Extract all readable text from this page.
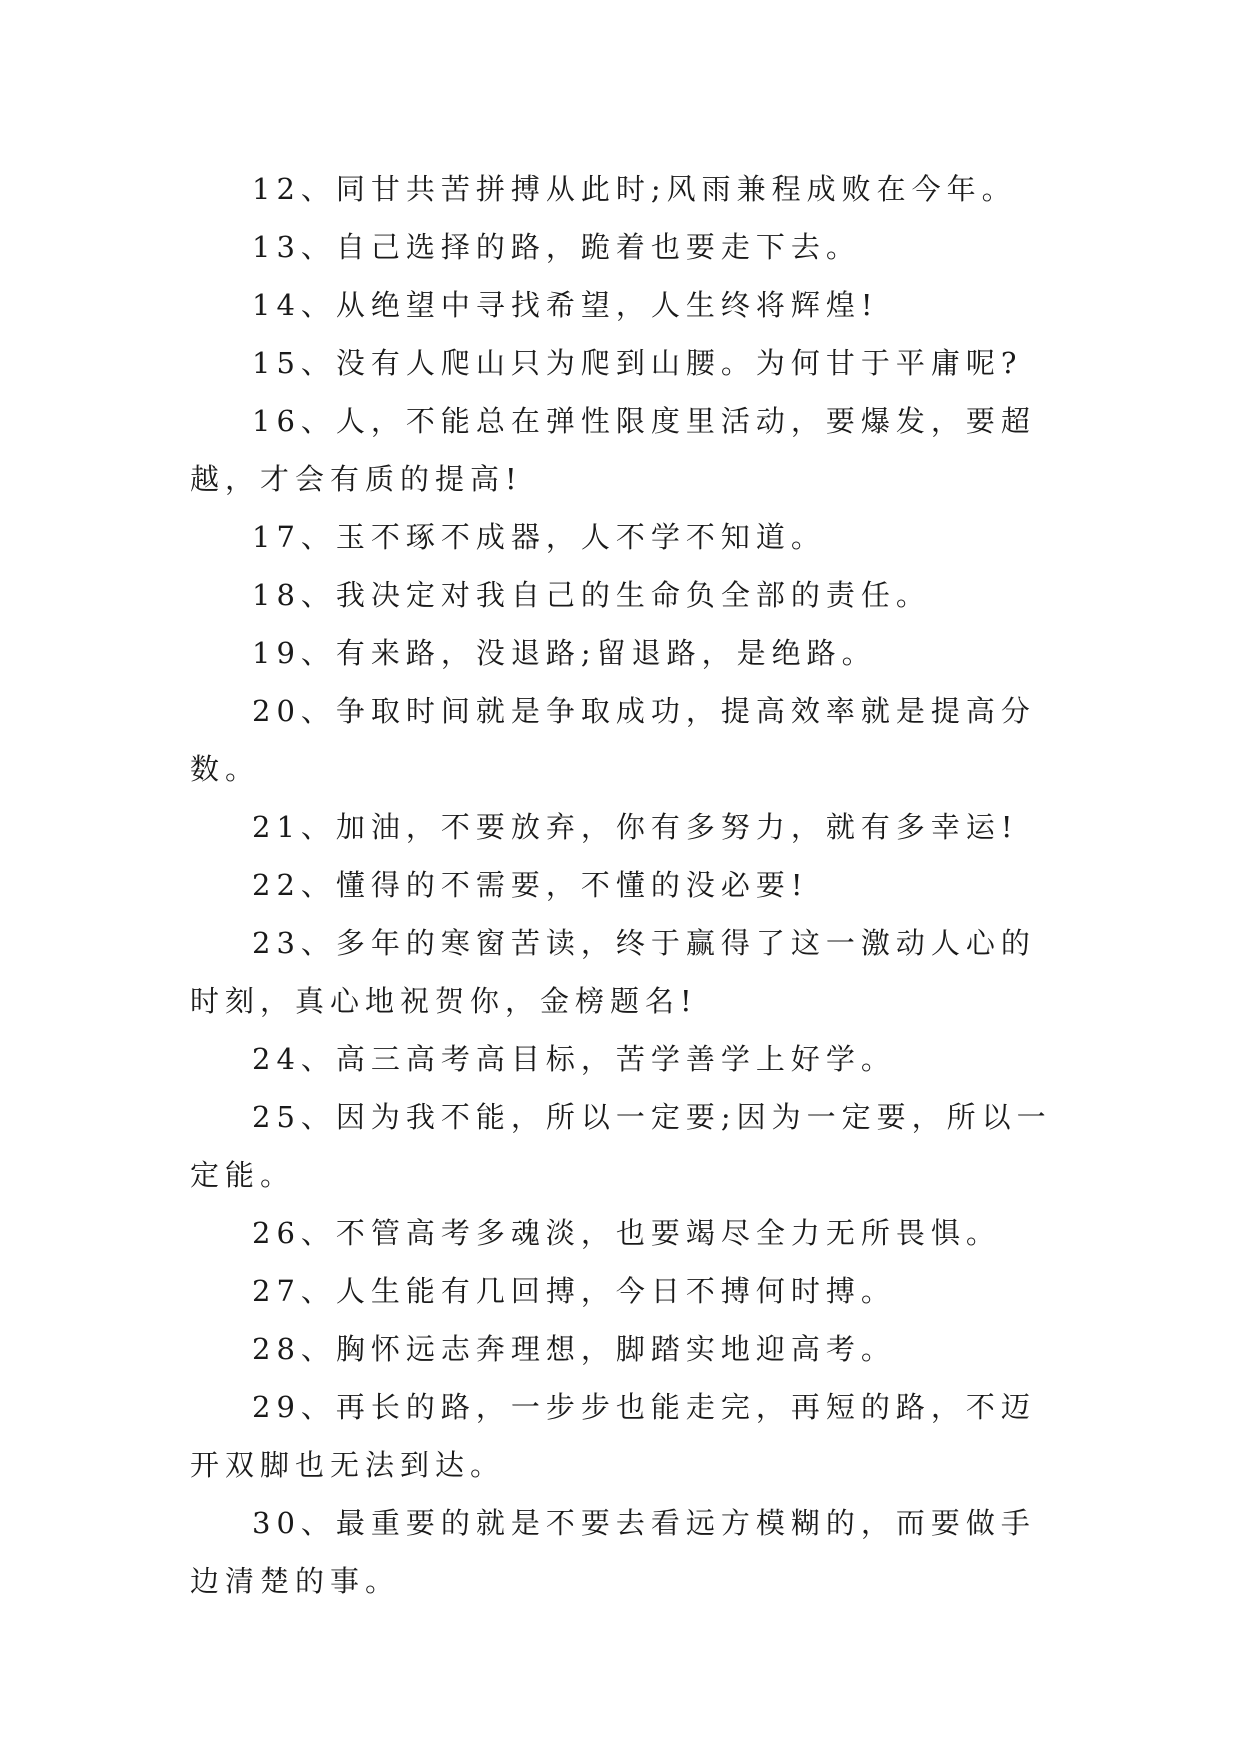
12、同甘共苦拼搏从此时;风雨兼程成败在今年。

13、自己选择的路，跪着也要走下去。

14、从绝望中寻找希望，人生终将辉煌!

15、没有人爬山只为爬到山腰。为何甘于平庸呢?

16、人，不能总在弹性限度里活动，要爆发，要超越，才会有质的提高!

17、玉不琢不成器，人不学不知道。

18、我决定对我自己的生命负全部的责任。

19、有来路，没退路;留退路，是绝路。

20、争取时间就是争取成功，提高效率就是提高分数。

21、加油，不要放弃，你有多努力，就有多幸运!

22、懂得的不需要，不懂的没必要!

23、多年的寒窗苦读，终于赢得了这一激动人心的时刻，真心地祝贺你，金榜题名!

24、高三高考高目标，苦学善学上好学。

25、因为我不能，所以一定要;因为一定要，所以一定能。

26、不管高考多魂淡，也要竭尽全力无所畏惧。

27、人生能有几回搏，今日不搏何时搏。

28、胸怀远志奔理想，脚踏实地迎高考。

29、再长的路，一步步也能走完，再短的路，不迈开双脚也无法到达。

30、最重要的就是不要去看远方模糊的，而要做手边清楚的事。
